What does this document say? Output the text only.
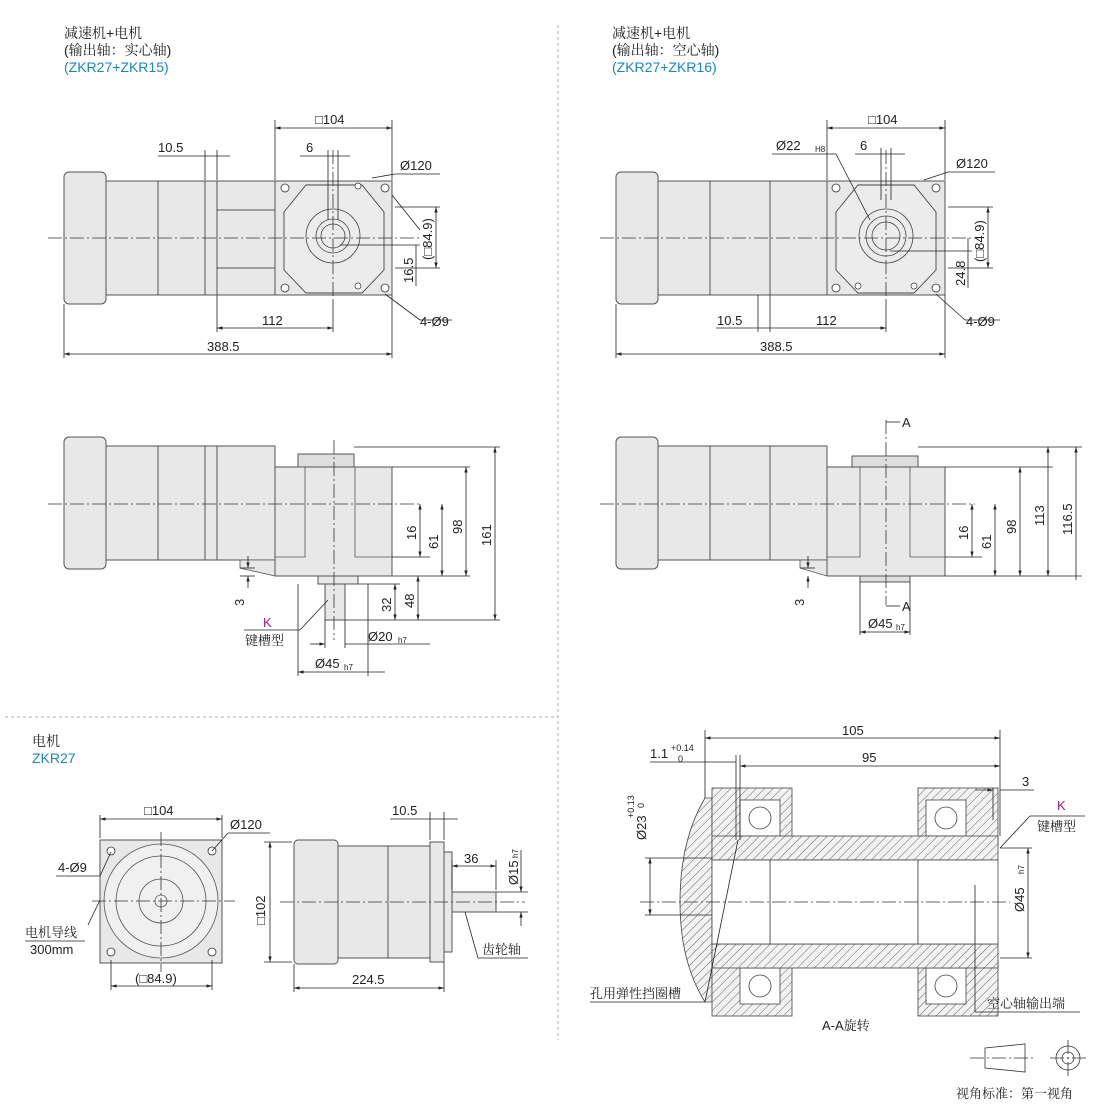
减速机+电机
(输出轴：实心轴)
(ZKR27+ZKR15)
减速机+电机
(输出轴：空心轴)
(ZKR27+ZKR16)
电机
ZKR27
□104
10.5	6
Ø120
(□84.9)
16.5
4-Ø9
112
388.5
□104
Ø22 H8	6
Ø120
(□84.9)
24.8
4-Ø9
10.5	112
388.5
16
61
98 161
3	32 48
K
键槽型	Ø20 h7
Ø45 h7
A
A
16
61
98
113 116.5
3
Ø45 h7
□104
Ø120
4-Ø9
电机导线
300mm
(□84.9)
□102
10.5
36
Ø15
h7
齿轮轴
224.5
105
1.1 +0.14
0	95
3
Ø23
+0.13 0	K
键槽型
Ø45
h7
孔用弹性挡圈槽
空心轴输出端
A-A旋转
视角标准：第一视角
